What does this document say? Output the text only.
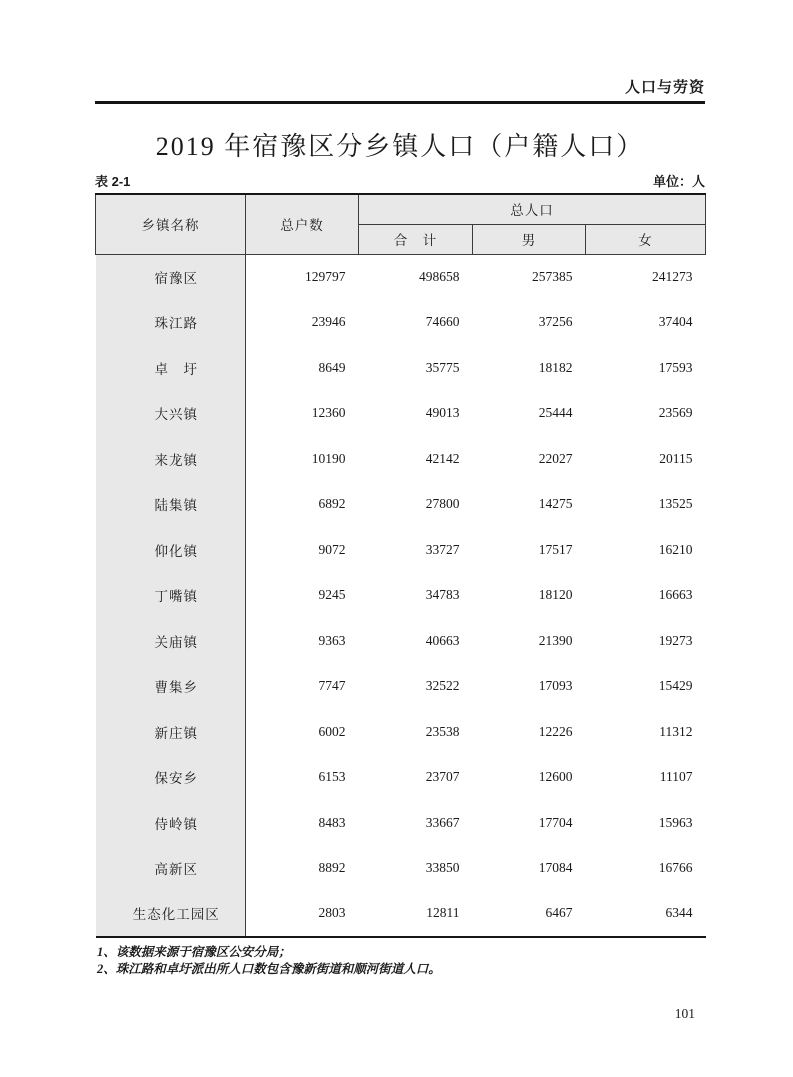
人口与劳资
2019 年宿豫区分乡镇人口（户籍人口）
表 2-1	单位：人
乡镇名称	总户数	总人口		
		合　计	男	女
宿豫区	129797	498658	257385	241273
珠江路	23946	74660	37256	37404
卓　圩	8649	35775	18182	17593
大兴镇	12360	49013	25444	23569
来龙镇	10190	42142	22027	20115
陆集镇	6892	27800	14275	13525
仰化镇	9072	33727	17517	16210
丁嘴镇	9245	34783	18120	16663
关庙镇	9363	40663	21390	19273
曹集乡	7747	32522	17093	15429
新庄镇	6002	23538	12226	11312
保安乡	6153	23707	12600	11107
侍岭镇	8483	33667	17704	15963
高新区	8892	33850	17084	16766
生态化工园区	2803	12811	6467	6344
1、该数据来源于宿豫区公安分局；
2、珠江路和卓圩派出所人口数包含豫新街道和顺河街道人口。
101
